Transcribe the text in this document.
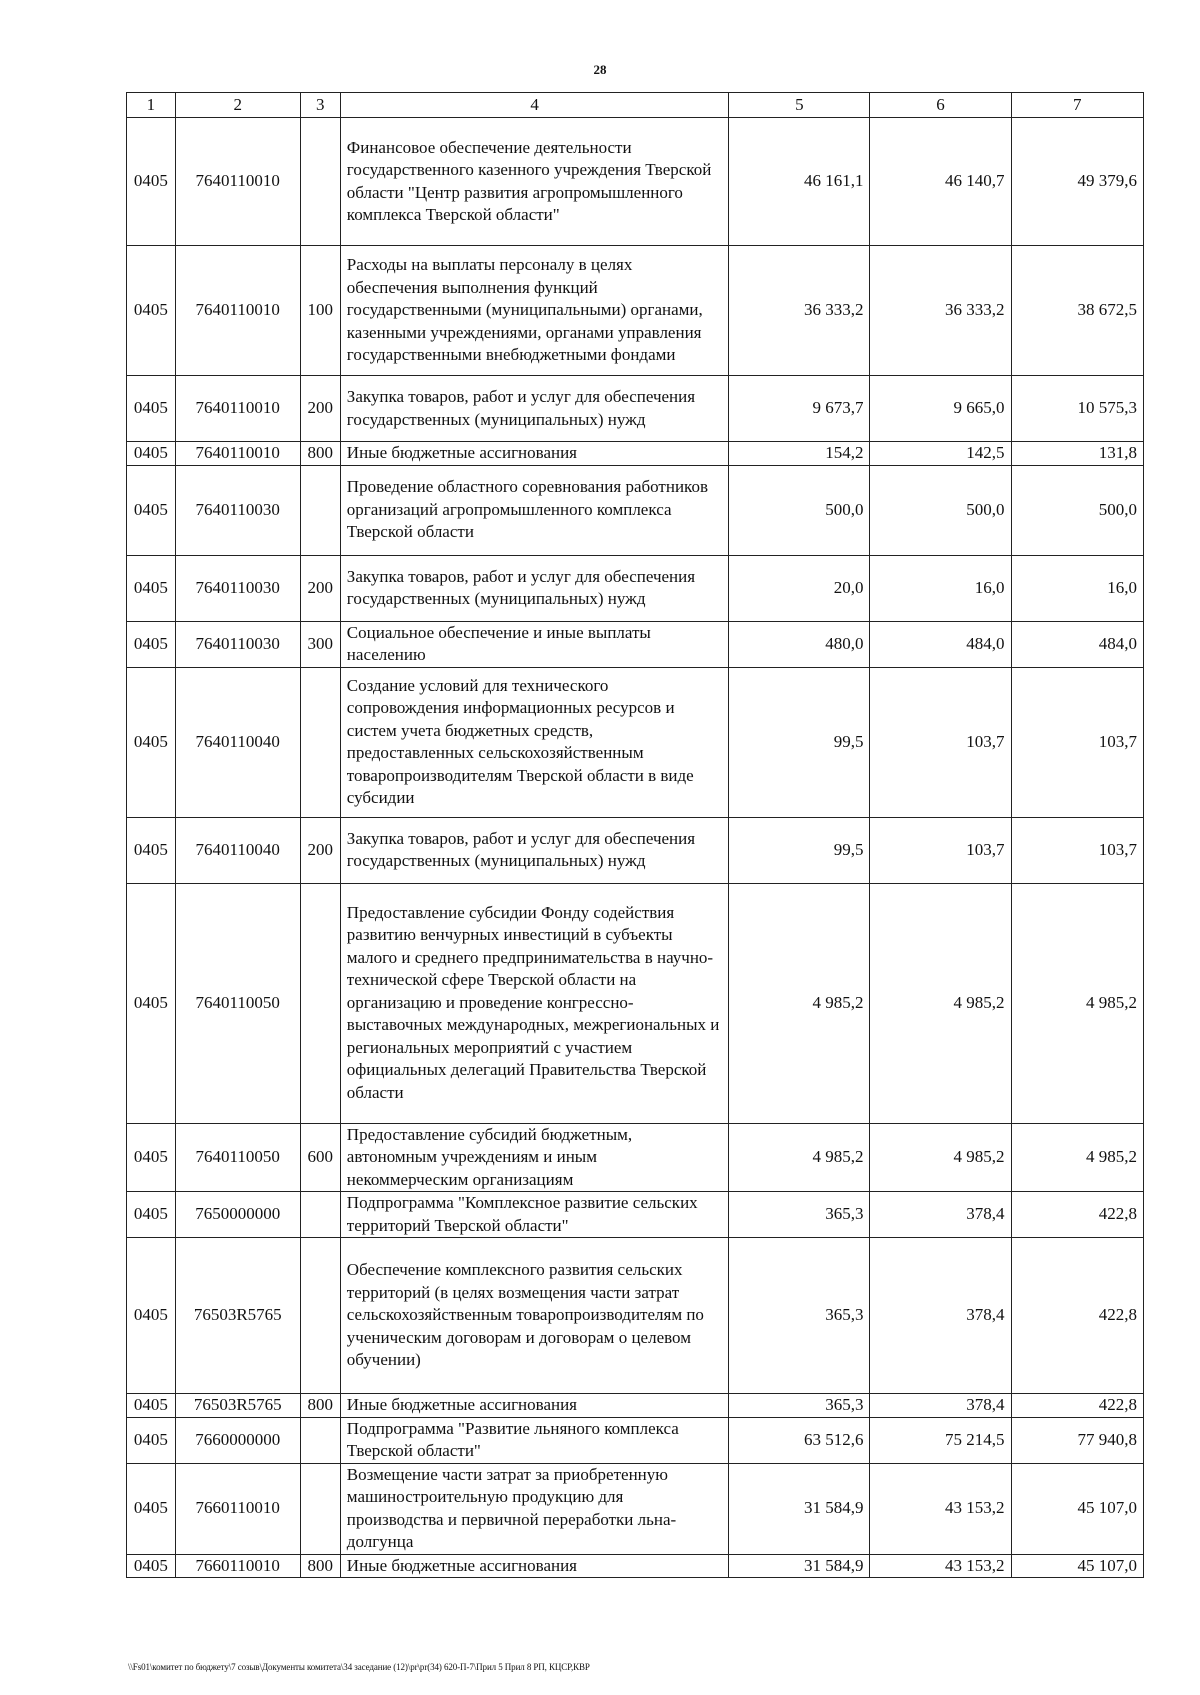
28
1	2	3	4	5	6	7
0405	7640110010		Финансовое обеспечение деятельности государственного казенного учреждения Тверской области "Центр развития агропромышленного комплекса Тверской области"	46 161,1	46 140,7	49 379,6
0405	7640110010	100	Расходы на выплаты персоналу в целях обеспечения выполнения функций государственными (муниципальными) органами, казенными учреждениями, органами управления государственными внебюджетными фондами	36 333,2	36 333,2	38 672,5
0405	7640110010	200	Закупка товаров, работ и услуг для обеспечения государственных (муниципальных) нужд	9 673,7	9 665,0	10 575,3
0405	7640110010	800	Иные бюджетные ассигнования	154,2	142,5	131,8
0405	7640110030		Проведение областного соревнования работников организаций агропромышленного комплекса Тверской области	500,0	500,0	500,0
0405	7640110030	200	Закупка товаров, работ и услуг для обеспечения государственных (муниципальных) нужд	20,0	16,0	16,0
0405	7640110030	300	Социальное обеспечение и иные выплаты населению	480,0	484,0	484,0
0405	7640110040		Создание условий для технического сопровождения информационных ресурсов и систем учета бюджетных средств, предоставленных сельскохозяйственным товаропроизводителям Тверской области в виде субсидии	99,5	103,7	103,7
0405	7640110040	200	Закупка товаров, работ и услуг для обеспечения государственных (муниципальных) нужд	99,5	103,7	103,7
0405	7640110050		Предоставление субсидии Фонду содействия развитию венчурных инвестиций в субъекты малого и среднего предпринимательства в научно-технической сфере Тверской области на организацию и проведение конгрессно-выставочных международных, межрегиональных и региональных мероприятий с участием официальных делегаций Правительства Тверской области	4 985,2	4 985,2	4 985,2
0405	7640110050	600	Предоставление субсидий бюджетным, автономным учреждениям и иным некоммерческим организациям	4 985,2	4 985,2	4 985,2
0405	7650000000		Подпрограмма "Комплексное развитие сельских территорий Тверской области"	365,3	378,4	422,8
0405	76503R5765		Обеспечение комплексного развития сельских территорий (в целях возмещения части затрат сельскохозяйственным товаропроизводителям по ученическим договорам и договорам о целевом обучении)	365,3	378,4	422,8
0405	76503R5765	800	Иные бюджетные ассигнования	365,3	378,4	422,8
0405	7660000000		Подпрограмма "Развитие льняного комплекса Тверской области"	63 512,6	75 214,5	77 940,8
0405	7660110010		Возмещение части затрат за приобретенную машиностроительную продукцию для производства и первичной переработки льна-долгунца	31 584,9	43 153,2	45 107,0
0405	7660110010	800	Иные бюджетные ассигнования	31 584,9	43 153,2	45 107,0
\\Fs01\комитет по бюджету\7 созыв\Документы комитета\34 заседание (12)\pr\pr(34) 620-П-7\Прил 5 Прил 8 РП, КЦСР,КВР
